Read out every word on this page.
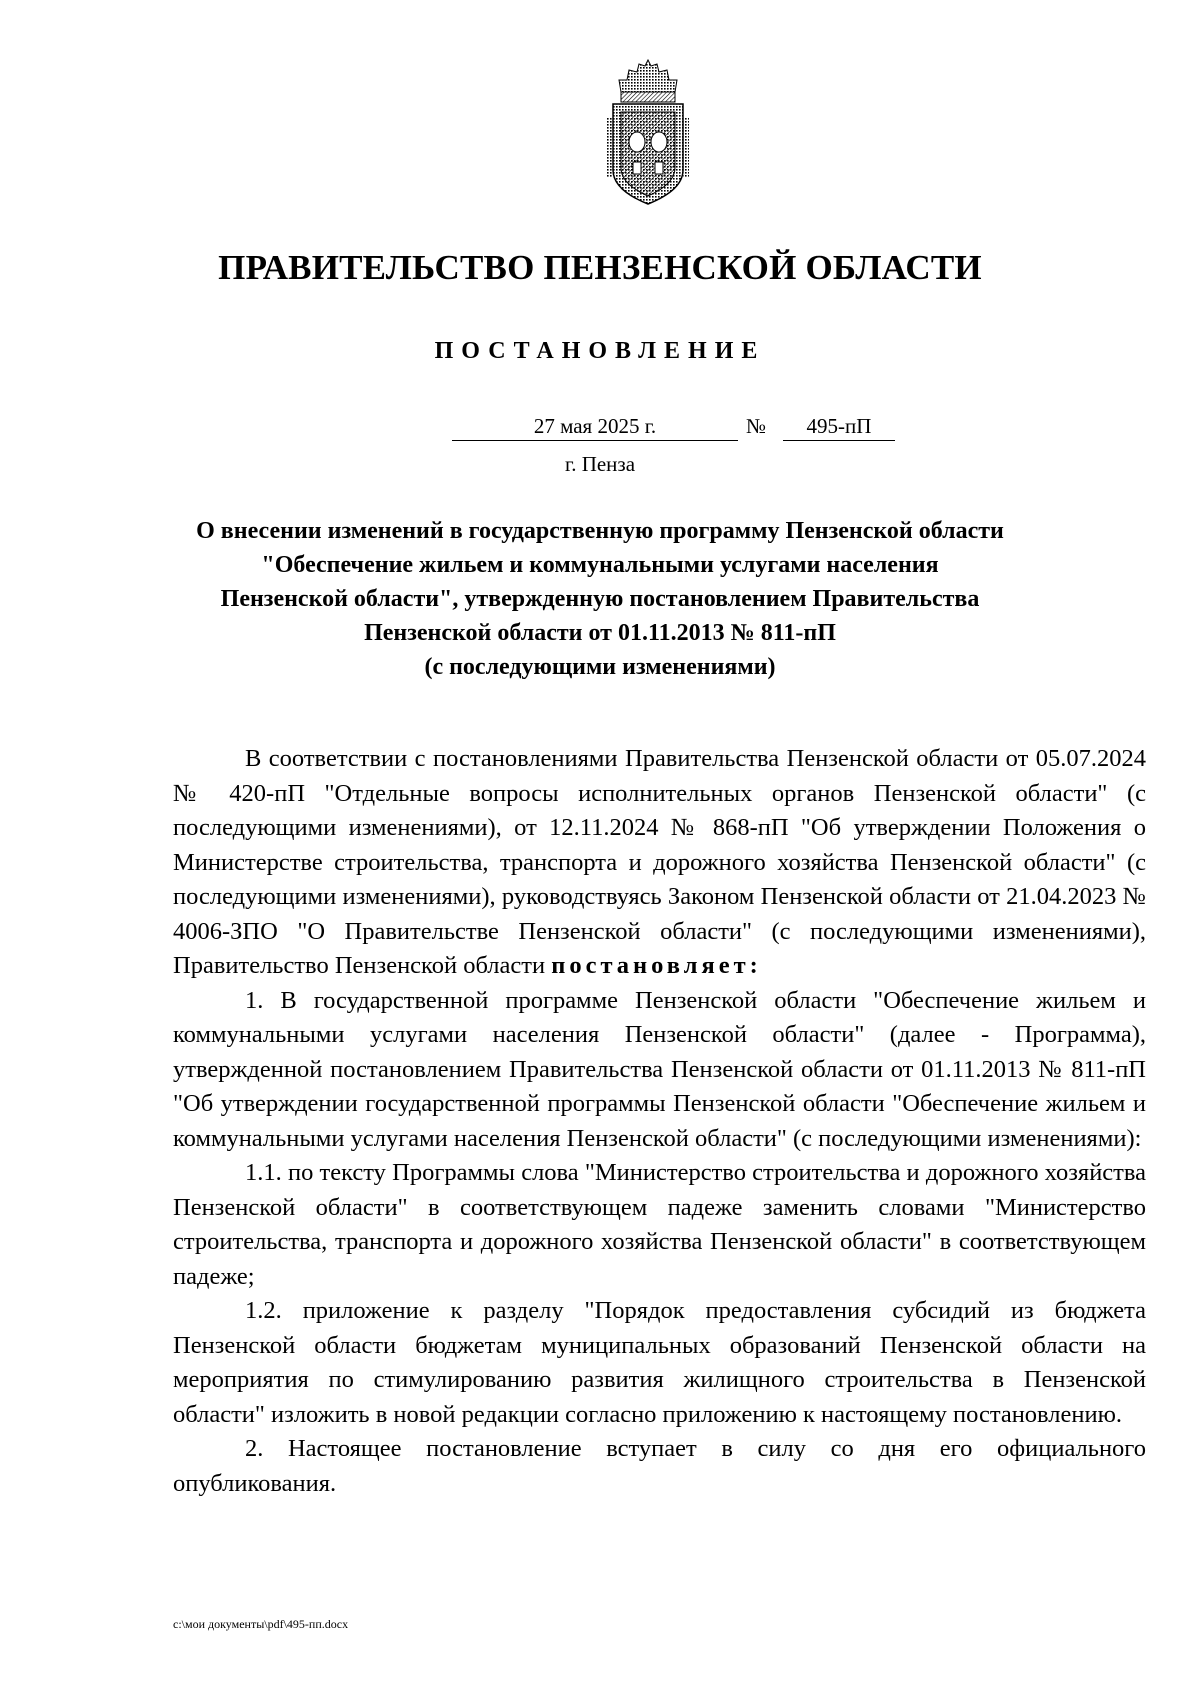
ПРАВИТЕЛЬСТВО ПЕНЗЕНСКОЙ ОБЛАСТИ
ПОСТАНОВЛЕНИЕ
27 мая 2025 г.	№	495-пП
г. Пенза
О внесении изменений в государственную программу Пензенской области
"Обеспечение жильем и коммунальными услугами населения
Пензенской области", утвержденную постановлением Правительства
Пензенской области от 01.11.2013 № 811-пП
(с последующими изменениями)

В соответствии с постановлениями Правительства Пензенской области от 05.07.2024 № 420-пП "Отдельные вопросы исполнительных органов Пензенской области" (с последующими изменениями), от 12.11.2024 № 868-пП "Об утверждении Положения о Министерстве строительства, транспорта и дорожного хозяйства Пензенской области" (с последующими изменениями), руководствуясь Законом Пензенской области от 21.04.2023 № 4006-ЗПО "О Правительстве Пензенской области" (с последующими изменениями), Правительство Пензенской области постановляет:

1. В государственной программе Пензенской области "Обеспечение жильем и коммунальными услугами населения Пензенской области" (далее - Программа), утвержденной постановлением Правительства Пензенской области от 01.11.2013 № 811-пП "Об утверждении государственной программы Пензенской области "Обеспечение жильем и коммунальными услугами населения Пензенской области" (с последующими изменениями):

1.1. по тексту Программы слова "Министерство строительства и дорожного хозяйства Пензенской области" в соответствующем падеже заменить словами "Министерство строительства, транспорта и дорожного хозяйства Пензенской области" в соответствующем падеже;

1.2. приложение к разделу "Порядок предоставления субсидий из бюджета Пензенской области бюджетам муниципальных образований Пензенской области на мероприятия по стимулированию развития жилищного строительства в Пензенской области" изложить в новой редакции согласно приложению к настоящему постановлению.

2. Настоящее постановление вступает в силу со дня его официального опубликования.

c:\мои документы\pdf\495-пп.docx
